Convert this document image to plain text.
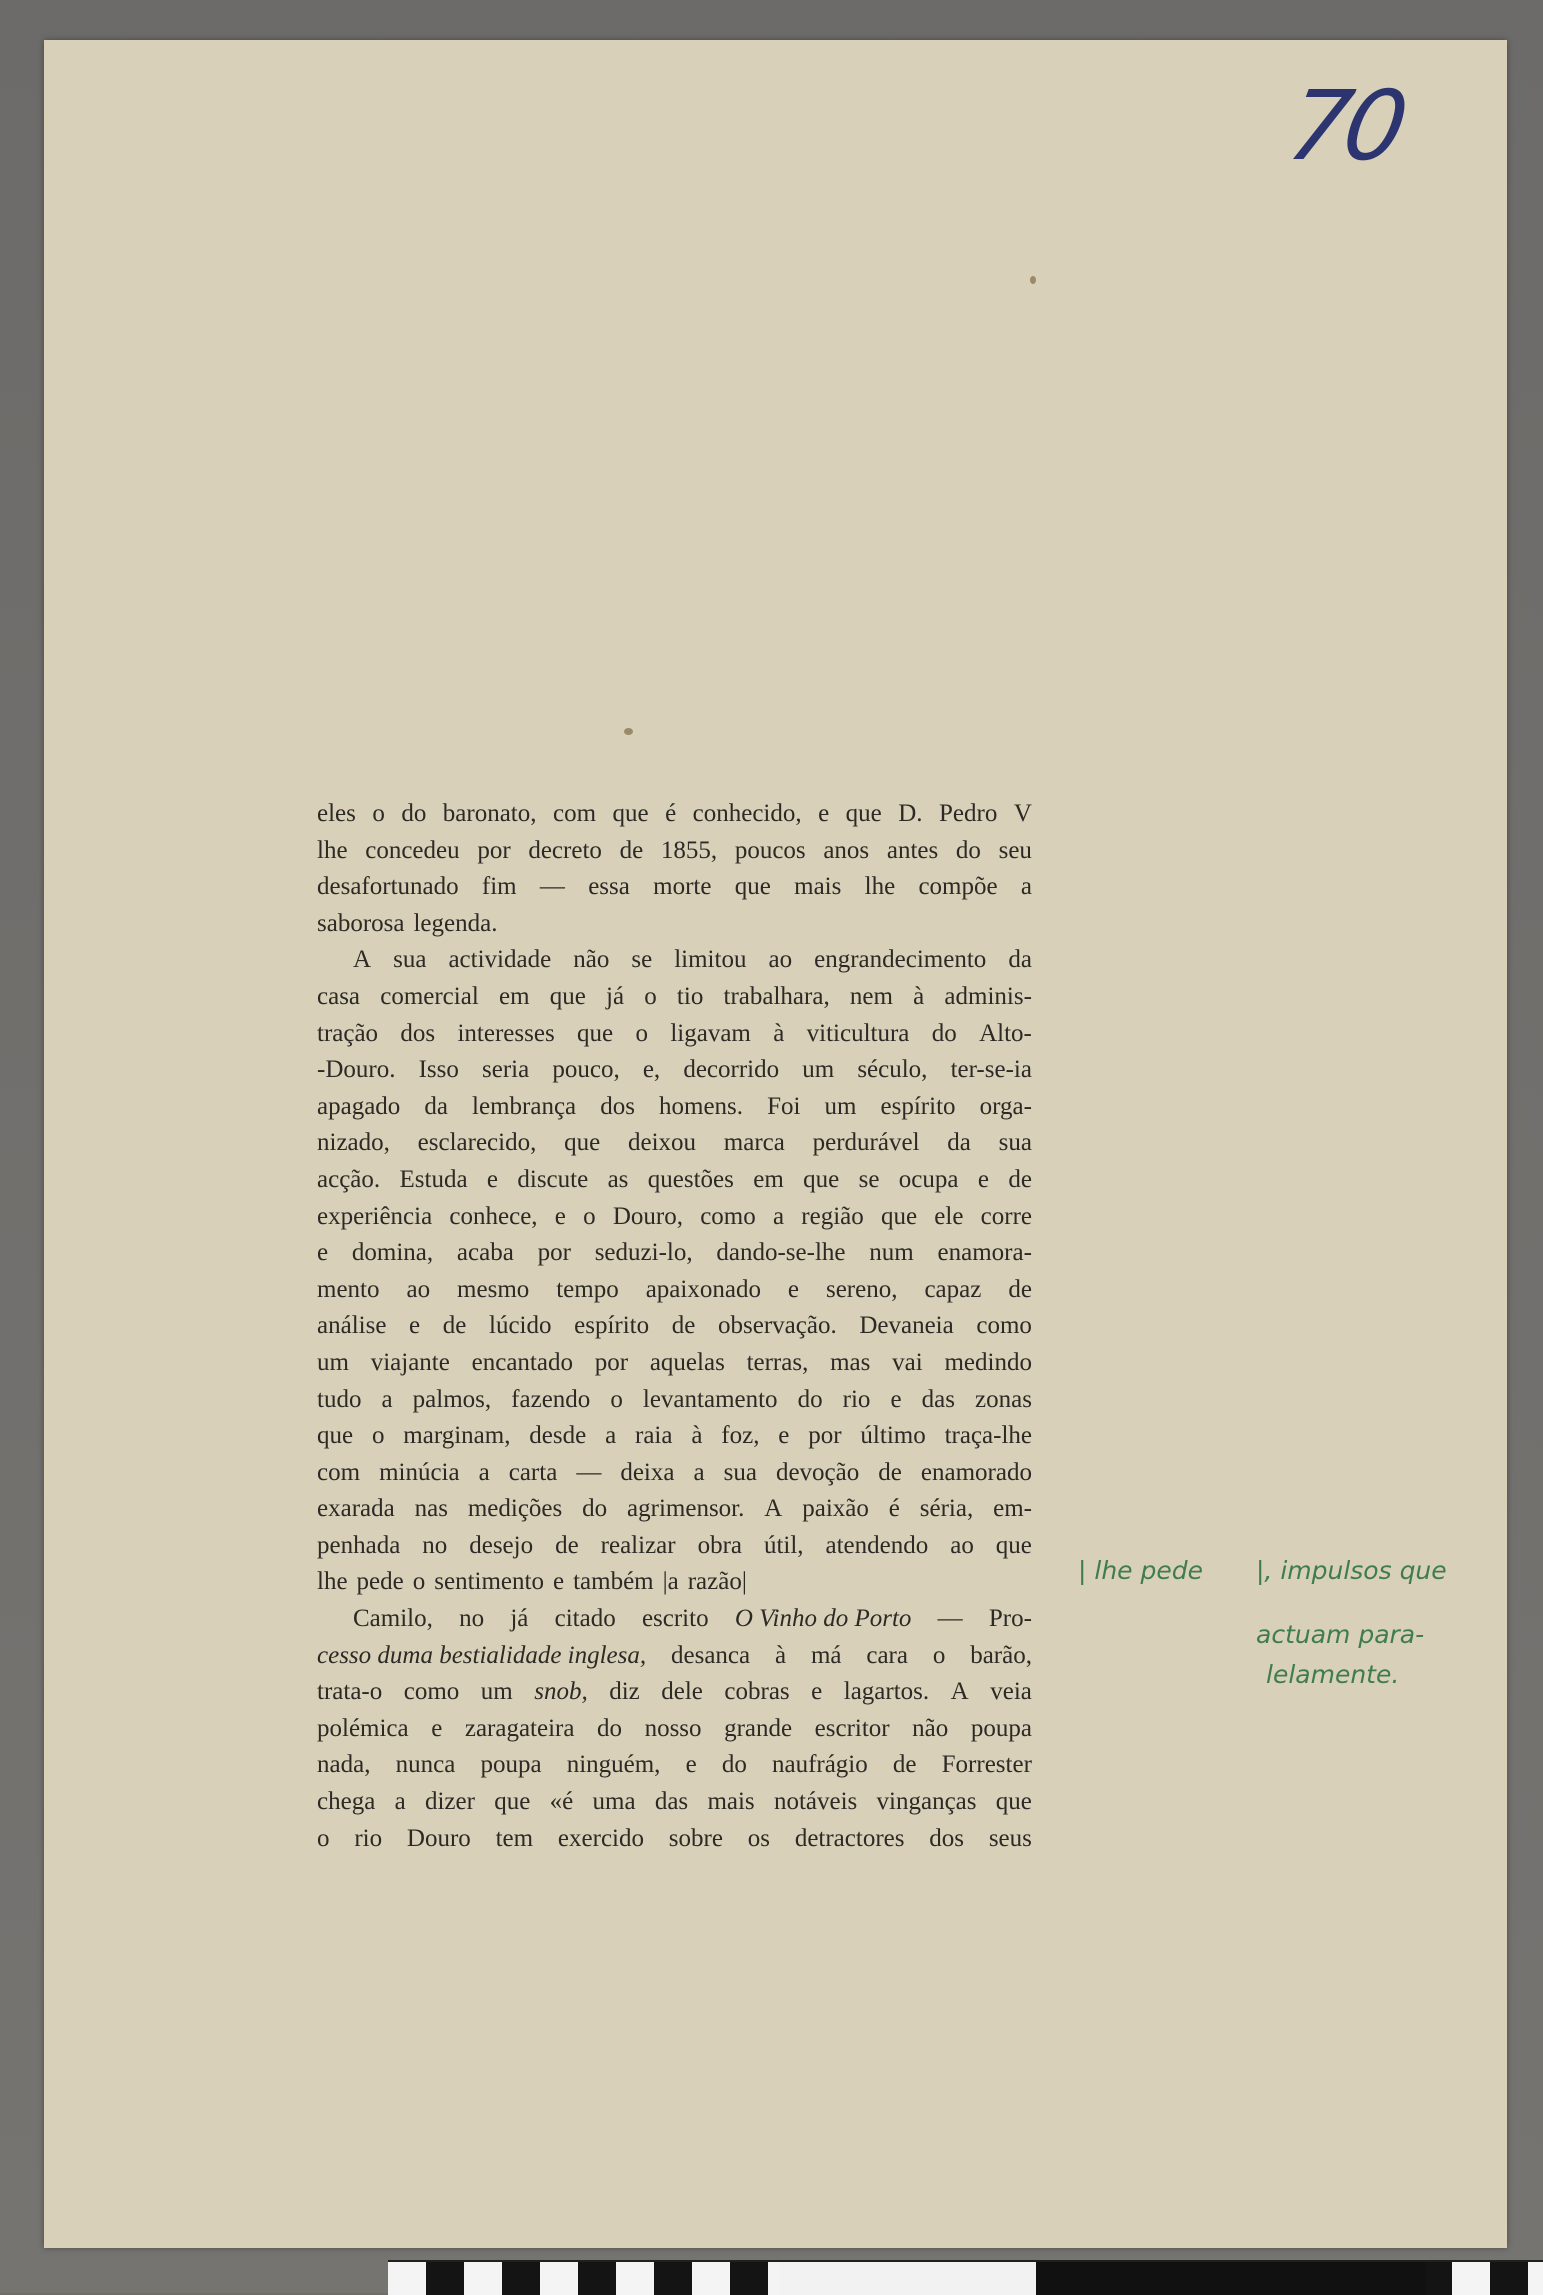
70
eles o do baronato, com que é conhecido, e que D. Pedro V
lhe concedeu por decreto de 1855, poucos anos antes do seu
desafortunado fim — essa morte que mais lhe compõe a
saborosa legenda.
A sua actividade não se limitou ao engrandecimento da
casa comercial em que já o tio trabalhara, nem à adminis-
tração dos interesses que o ligavam à viticultura do Alto-
-Douro. Isso seria pouco, e, decorrido um século, ter-se-ia
apagado da lembrança dos homens. Foi um espírito orga-
nizado, esclarecido, que deixou marca perdurável da sua
acção. Estuda e discute as questões em que se ocupa e de
experiência conhece, e o Douro, como a região que ele corre
e domina, acaba por seduzi-lo, dando-se-lhe num enamora-
mento ao mesmo tempo apaixonado e sereno, capaz de
análise e de lúcido espírito de observação. Devaneia como
um viajante encantado por aquelas terras, mas vai medindo
tudo a palmos, fazendo o levantamento do rio e das zonas
que o marginam, desde a raia à foz, e por último traça-lhe
com minúcia a carta — deixa a sua devoção de enamorado
exarada nas medições do agrimensor. A paixão é séria, em-
penhada no desejo de realizar obra útil, atendendo ao que
lhe pede o sentimento e também |a razão|
Camilo, no já citado escrito O Vinho do Porto — Pro-
cesso duma bestialidade inglesa, desanca à má cara o barão,
trata-o como um snob, diz dele cobras e lagartos. A veia
polémica e zaragateira do nosso grande escritor não poupa
nada, nunca poupa ninguém, e do naufrágio de Forrester
chega a dizer que «é uma das mais notáveis vinganças que
o rio Douro tem exercido sobre os detractores dos seus
| lhe pede |, impulsos que
actuam para-
lelamente.
